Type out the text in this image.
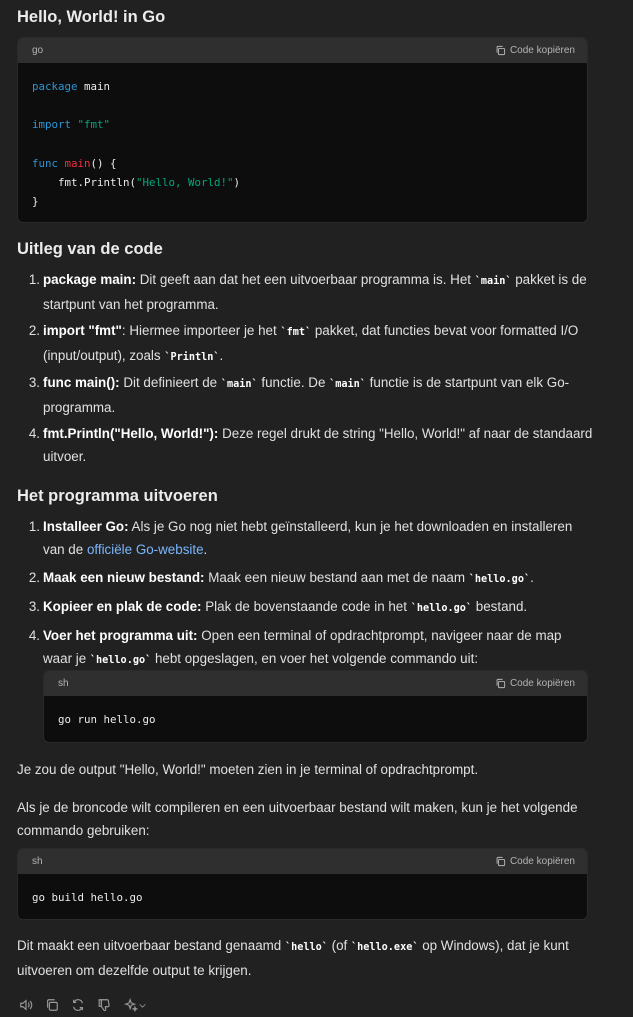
Hello, World! in Go
go	Code kopiëren
package main
import "fmt"
func main() {
fmt.Println("Hello, World!")
}
Uitleg van de code
1. package main: Dit geeft aan dat het een uitvoerbaar programma is. Het `main` pakket is de startpunt van het programma.
2. import "fmt": Hiermee importeer je het `fmt` pakket, dat functies bevat voor formatted I/O (input/output), zoals `Println`.
3. func main(): Dit definieert de `main` functie. De `main` functie is de startpunt van elk Go-programma.
4. fmt.Println("Hello, World!"): Deze regel drukt de string "Hello, World!" af naar de standaard uitvoer.
Het programma uitvoeren
1. Installeer Go: Als je Go nog niet hebt geïnstalleerd, kun je het downloaden en installeren van de officiële Go-website.
2. Maak een nieuw bestand: Maak een nieuw bestand aan met de naam `hello.go`.
3. Kopieer en plak de code: Plak de bovenstaande code in het `hello.go` bestand.
4. Voer het programma uit: Open een terminal of opdrachtprompt, navigeer naar de map waar je `hello.go` hebt opgeslagen, en voer het volgende commando uit:
sh	Code kopiëren
go run hello.go
Je zou de output "Hello, World!" moeten zien in je terminal of opdrachtprompt.
Als je de broncode wilt compileren en een uitvoerbaar bestand wilt maken, kun je het volgende commando gebruiken:
sh	Code kopiëren
go build hello.go
Dit maakt een uitvoerbaar bestand genaamd `hello` (of `hello.exe` op Windows), dat je kunt uitvoeren om dezelfde output te krijgen.
